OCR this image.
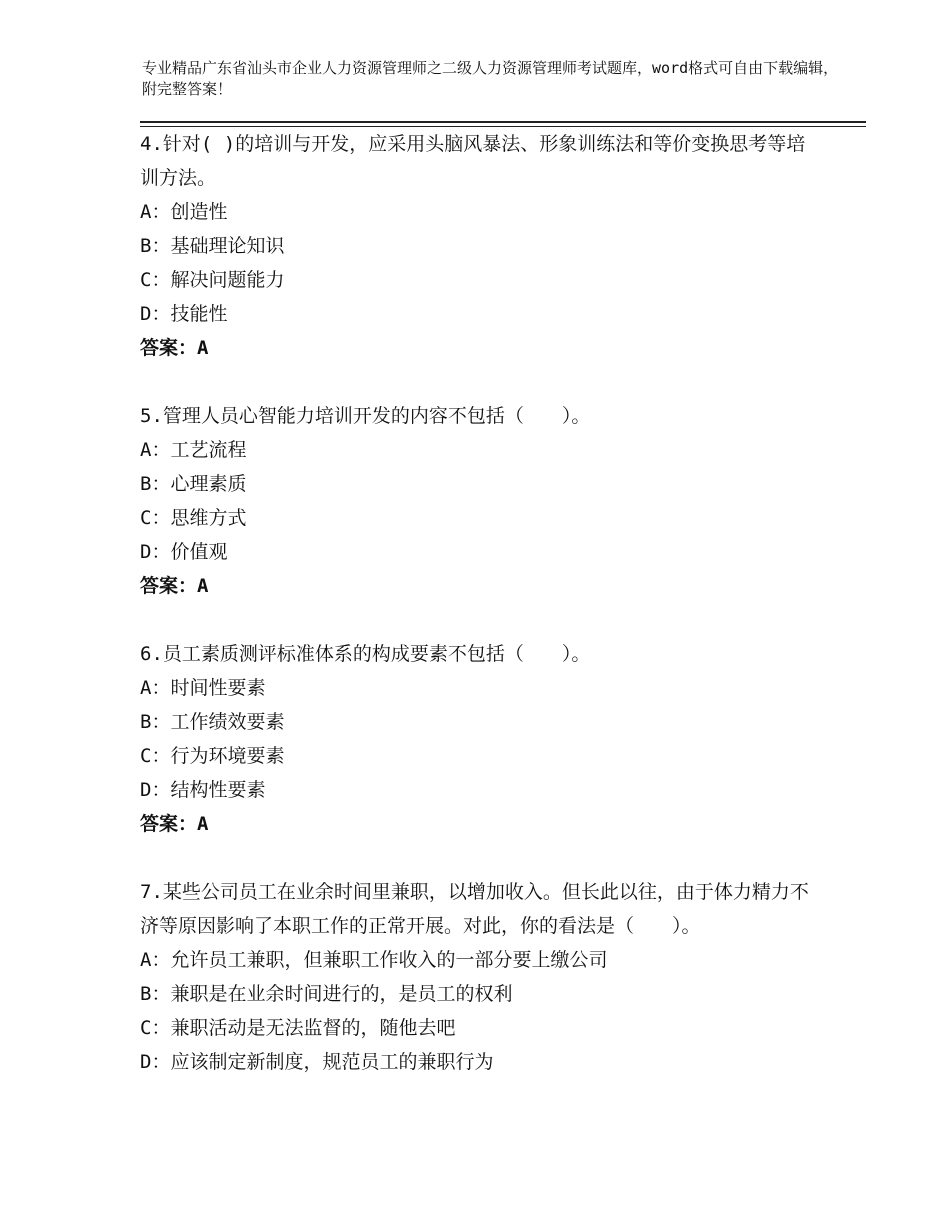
专业精品广东省汕头市企业人力资源管理师之二级人力资源管理师考试题库，word格式可自由下载编辑，附完整答案！

4.针对( )的培训与开发，应采用头脑风暴法、形象训练法和等价变换思考等培训方法。

A：创造性

B：基础理论知识

C：解决问题能力

D：技能性

答案：A

5.管理人员心智能力培训开发的内容不包括（　　）。

A：工艺流程

B：心理素质

C：思维方式

D：价值观

答案：A

6.员工素质测评标准体系的构成要素不包括（　　）。

A：时间性要素

B：工作绩效要素

C：行为环境要素

D：结构性要素

答案：A

7.某些公司员工在业余时间里兼职，以增加收入。但长此以往，由于体力精力不济等原因影响了本职工作的正常开展。对此，你的看法是（　　）。

A：允许员工兼职，但兼职工作收入的一部分要上缴公司

B：兼职是在业余时间进行的，是员工的权利

C：兼职活动是无法监督的，随他去吧

D：应该制定新制度，规范员工的兼职行为
